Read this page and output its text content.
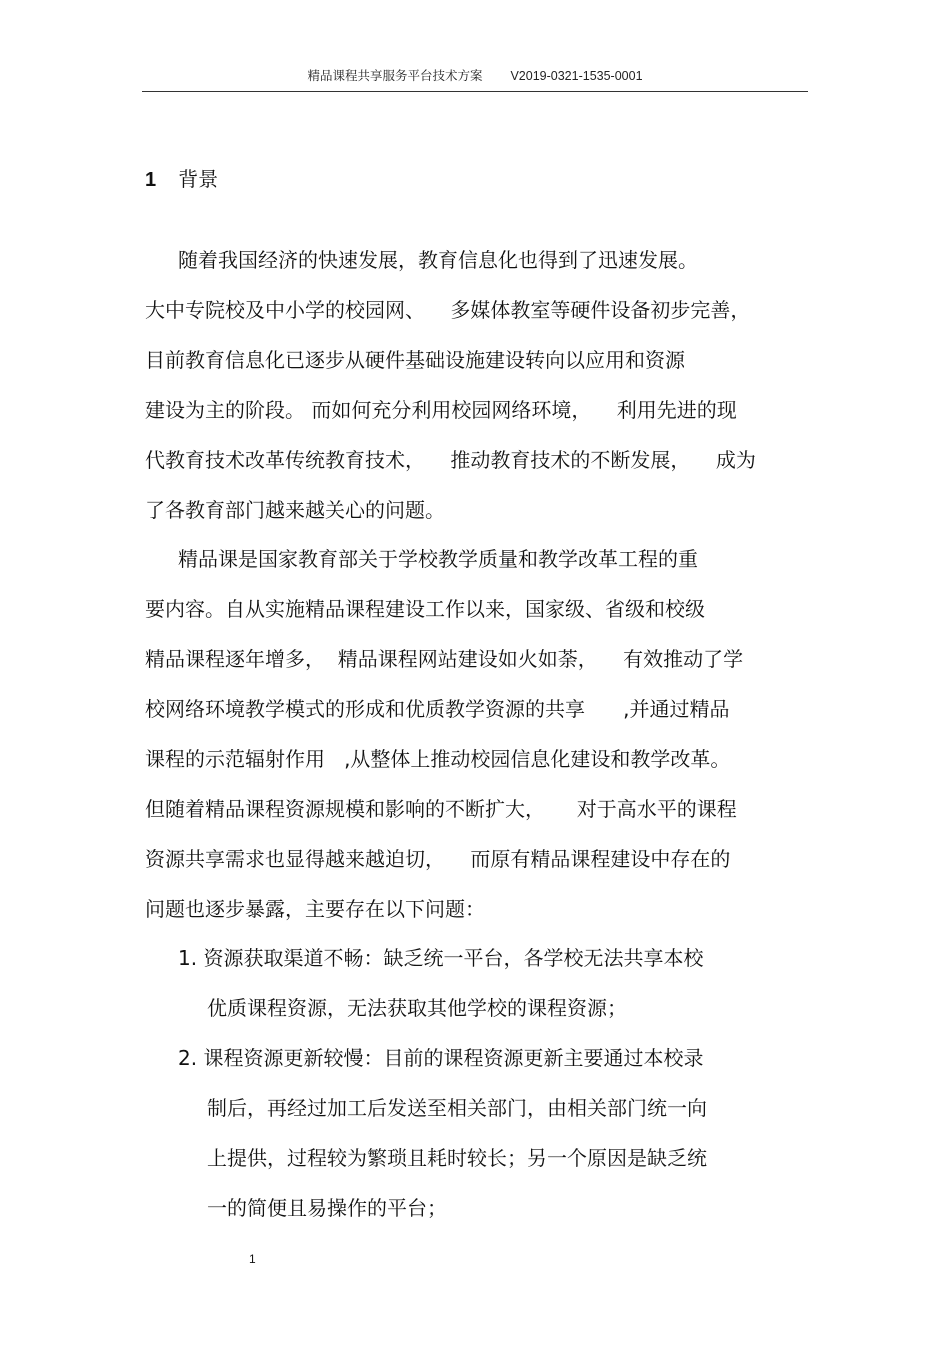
精品课程共享服务平台技术方案 V2019-0321-1535-0001
1 背景
随着我国经济的快速发展，教育信息化也得到了迅速发展。
大中专院校及中小学的校园网、    多媒体教室等硬件设备初步完善，
目前教育信息化已逐步从硬件基础设施建设转向以应用和资源
建设为主的阶段。 而如何充分利用校园网络环境，    利用先进的现
代教育技术改革传统教育技术，    推动教育技术的不断发展，    成为
了各教育部门越来越关心的问题。
精品课是国家教育部关于学校教学质量和教学改革工程的重
要内容。自从实施精品课程建设工作以来，国家级、省级和校级
精品课程逐年增多，  精品课程网站建设如火如荼，    有效推动了学
校网络环境教学模式的形成和优质教学资源的共享      ,并通过精品
课程的示范辐射作用   ,从整体上推动校园信息化建设和教学改革。
但随着精品课程资源规模和影响的不断扩大，     对于高水平的课程
资源共享需求也显得越来越迫切，    而原有精品课程建设中存在的
问题也逐步暴露，主要存在以下问题：
1. 资源获取渠道不畅：缺乏统一平台，各学校无法共享本校
优质课程资源，无法获取其他学校的课程资源；
2. 课程资源更新较慢：目前的课程资源更新主要通过本校录
制后，再经过加工后发送至相关部门，由相关部门统一向
上提供，过程较为繁琐且耗时较长；另一个原因是缺乏统
一的简便且易操作的平台；
1
